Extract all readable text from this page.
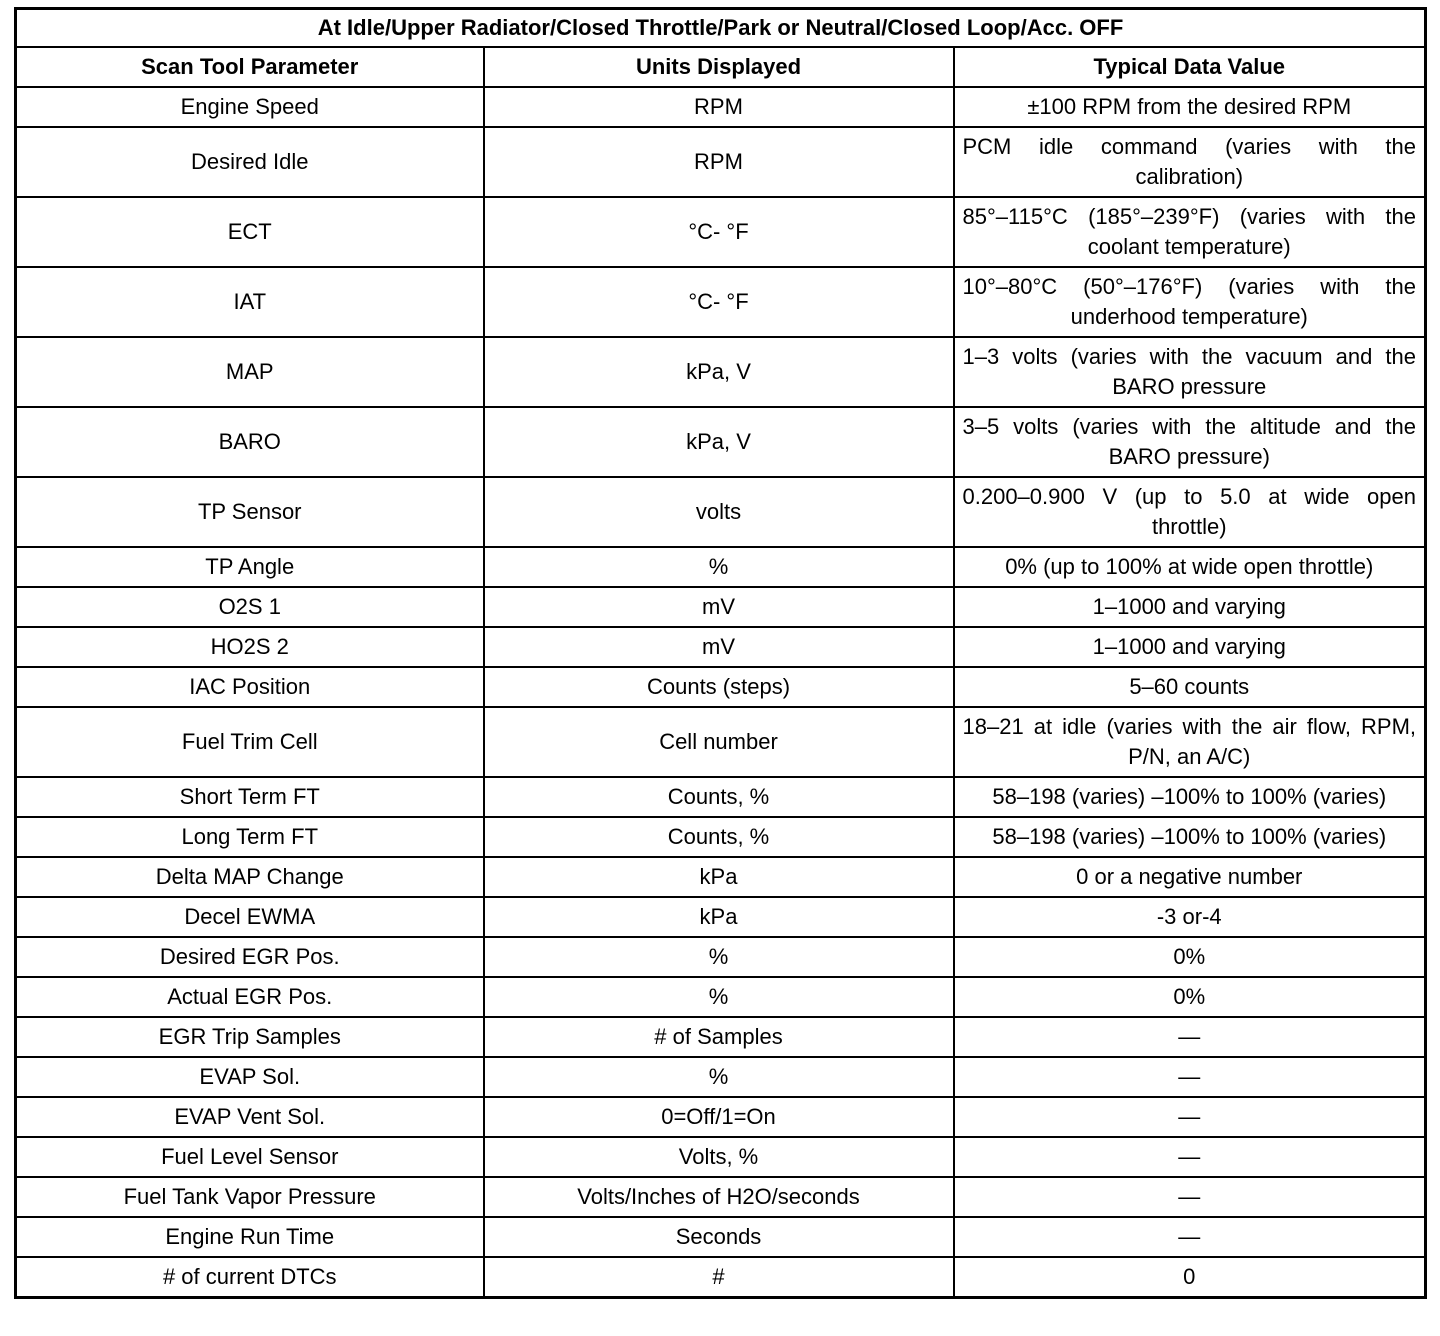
At Idle/Upper Radiator/Closed Throttle/Park or Neutral/Closed Loop/Acc. OFF		
Scan Tool Parameter	Units Displayed	Typical Data Value
Engine Speed	RPM	±100 RPM from the desired RPM
Desired Idle	RPM	PCM idle command (varies with the calibration)
ECT	°C- °F	85°–115°C (185°–239°F) (varies with the coolant temperature)
IAT	°C- °F	10°–80°C (50°–176°F) (varies with the underhood temperature)
MAP	kPa, V	1–3 volts (varies with the vacuum and the BARO pressure
BARO	kPa, V	3–5 volts (varies with the altitude and the BARO pressure)
TP Sensor	volts	0.200–0.900 V (up to 5.0 at wide open throttle)
TP Angle	%	0% (up to 100% at wide open throttle)
O2S 1	mV	1–1000 and varying
HO2S 2	mV	1–1000 and varying
IAC Position	Counts (steps)	5–60 counts
Fuel Trim Cell	Cell number	18–21 at idle (varies with the air flow, RPM, P/N, an A/C)
Short Term FT	Counts, %	58–198 (varies) –100% to 100% (varies)
Long Term FT	Counts, %	58–198 (varies) –100% to 100% (varies)
Delta MAP Change	kPa	0 or a negative number
Decel EWMA	kPa	-3 or-4
Desired EGR Pos.	%	0%
Actual EGR Pos.	%	0%
EGR Trip Samples	# of Samples	—
EVAP Sol.	%	—
EVAP Vent Sol.	0=Off/1=On	—
Fuel Level Sensor	Volts, %	—
Fuel Tank Vapor Pressure	Volts/Inches of H2O/seconds	—
Engine Run Time	Seconds	—
# of current DTCs	#	0
